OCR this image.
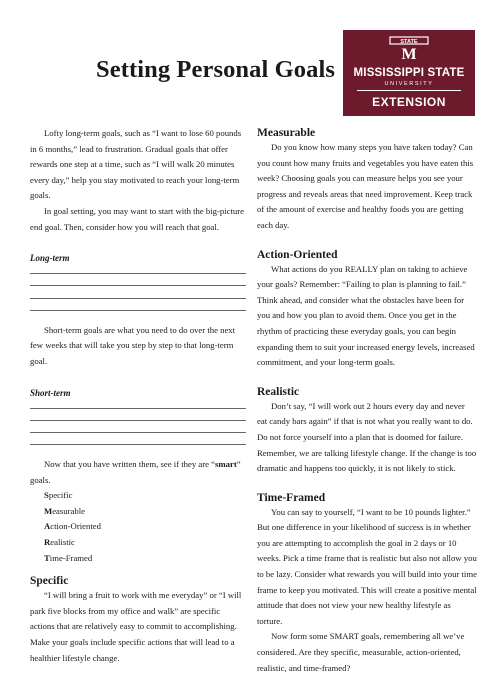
Setting Personal Goals
STATE
M
MISSISSIPPI STATE
UNIVERSITY
EXTENSION

Lofty long-term goals, such as “I want to lose 60 pounds in 6 months,” lead to frustration. Gradual goals that offer rewards one step at a time, such as “I will walk 20 minutes every day,” help you stay motivated to reach your long-term goals.

In goal setting, you may want to start with the big-picture end goal. Then, consider how you will reach that goal.

Long-term

Short-term goals are what you need to do over the next few weeks that will take you step by step to that long-term goal.

Short-term

Now that you have written them, see if they are “smart” goals.

Specific
Measurable
Action-Oriented
Realistic
Time-Framed
Specific

“I will bring a fruit to work with me everyday” or “I will park five blocks from my office and walk” are specific actions that are relatively easy to commit to accomplishing. Make your goals include specific actions that will lead to a healthier lifestyle change.

Measurable

Do you know how many steps you have taken today? Can you count how many fruits and vegetables you have eaten this week? Choosing goals you can measure helps you see your progress and reveals areas that need improvement. Keep track of the amount of exercise and healthy foods you are getting each day.

Action-Oriented

What actions do you REALLY plan on taking to achieve your goals? Remember: “Failing to plan is planning to fail.” Think ahead, and consider what the obstacles have been for you and how you plan to avoid them. Once you get in the rhythm of practicing these everyday goals, you can begin expanding them to suit your increased energy levels, increased commitment, and your long-term goals.

Realistic

Don’t say, “I will work out 2 hours every day and never eat candy bars again” if that is not what you really want to do. Do not force yourself into a plan that is doomed for failure. Remember, we are talking lifestyle change. If the change is too dramatic and happens too quickly, it is not likely to stick.

Time-Framed

You can say to yourself, “I want to be 10 pounds lighter.” But one difference in your likelihood of success is in whether you are attempting to accomplish the goal in 2 days or 10 weeks. Pick a time frame that is realistic but also not allow you to be lazy. Consider what rewards you will build into your time frame to keep you motivated. This will create a positive mental attitude that does not view your new healthy lifestyle as torture.

Now form some SMART goals, remembering all we’ve considered. Are they specific, measurable, action-oriented, realistic, and time-framed?
